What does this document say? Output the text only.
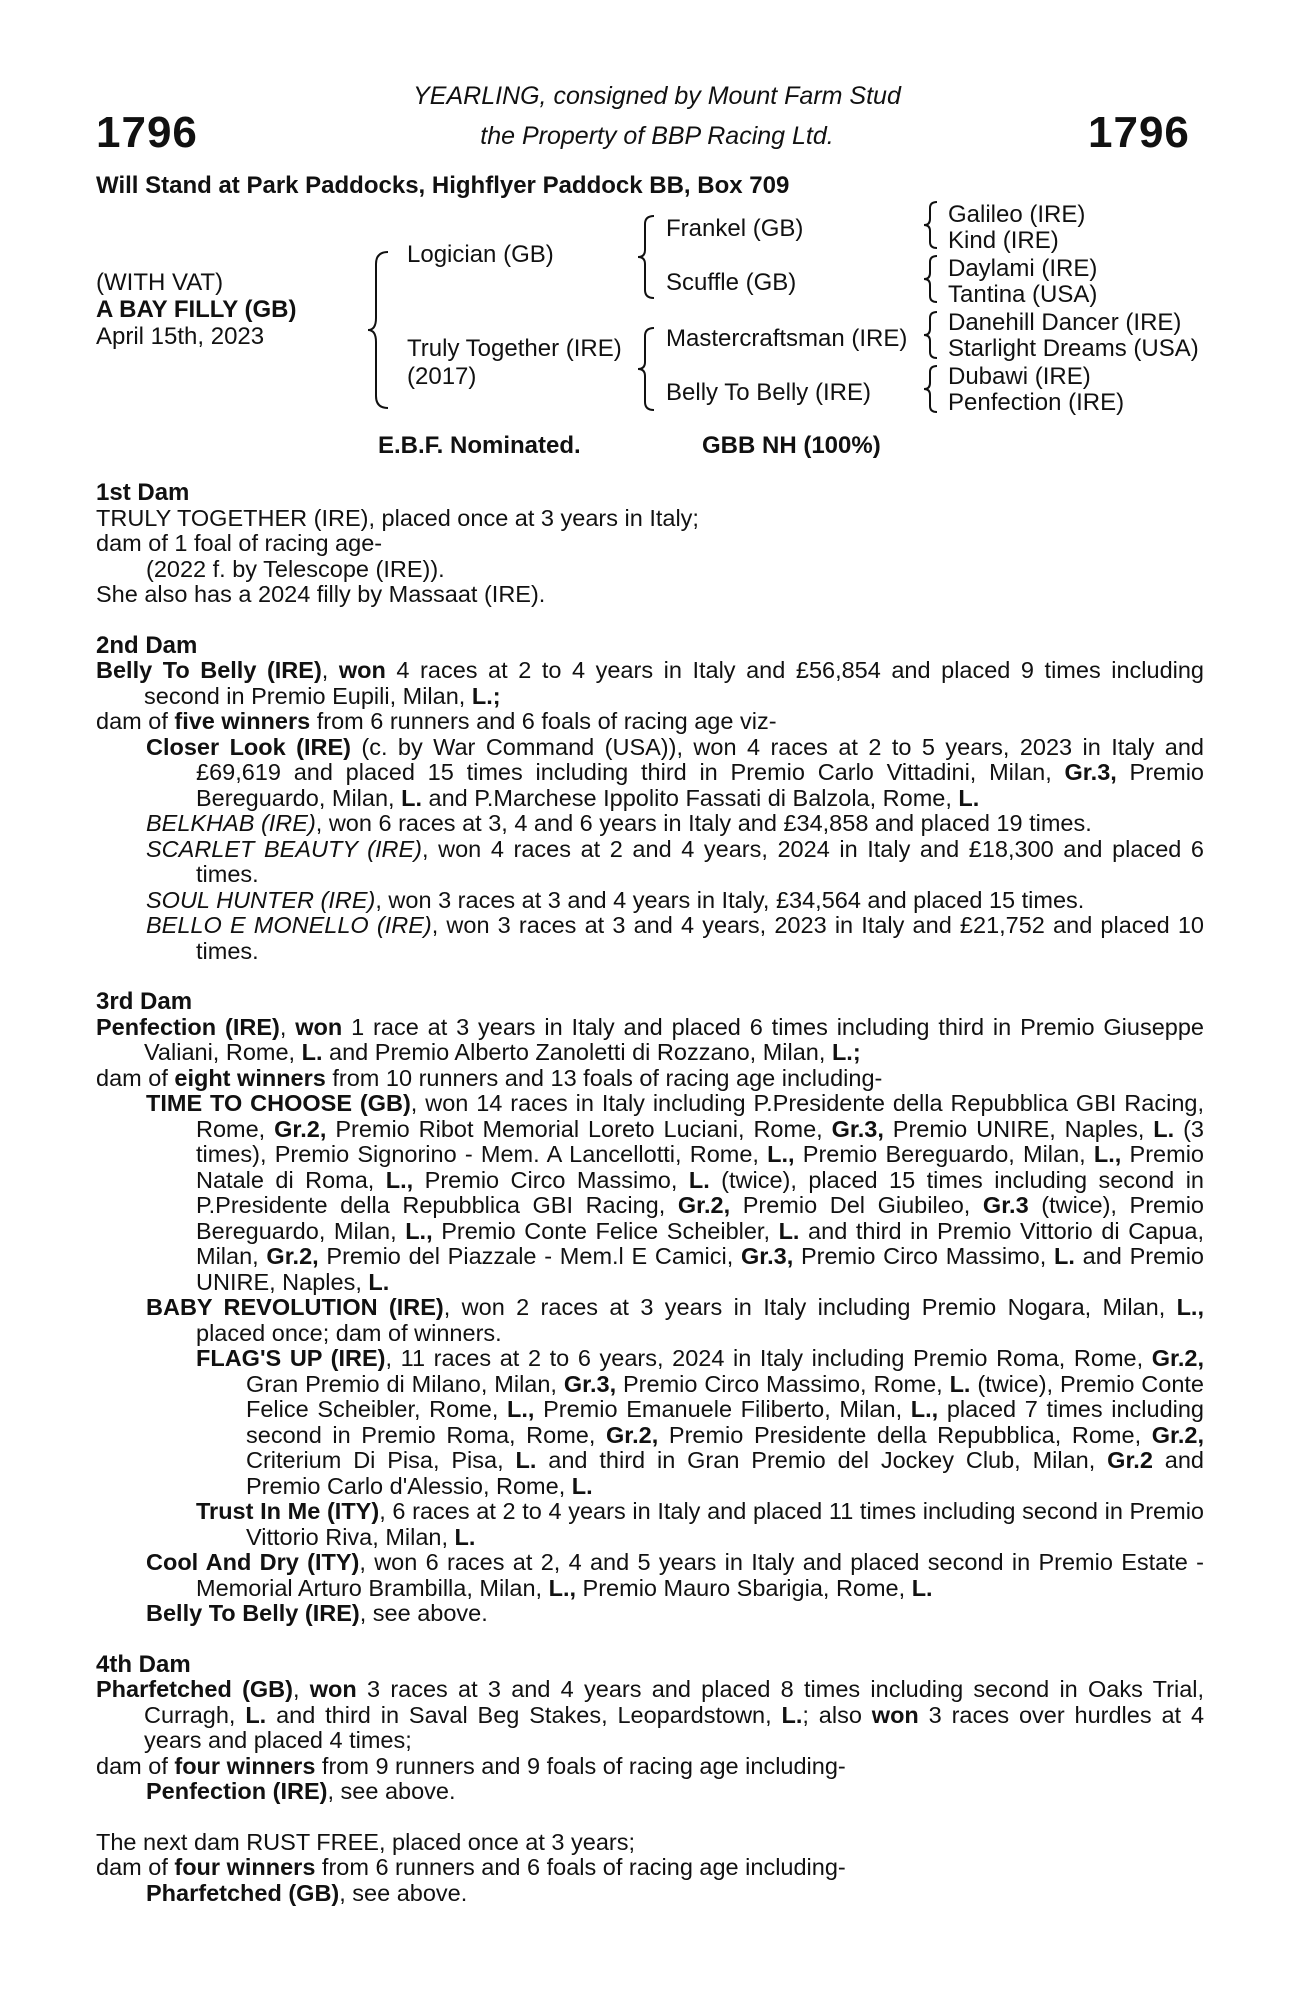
1796	1796
YEARLING, consigned by Mount Farm Stud
the Property of BBP Racing Ltd.
Will Stand at Park Paddocks, Highflyer Paddock BB, Box 709
(WITH VAT)
A BAY FILLY (GB)
April 15th, 2023
Logician (GB)
Truly Together (IRE)
(2017)
Frankel (GB)
Scuffle (GB)
Mastercraftsman (IRE)
Belly To Belly (IRE)
Galileo (IRE)
Kind (IRE)
Daylami (IRE)
Tantina (USA)
Danehill Dancer (IRE)
Starlight Dreams (USA)
Dubawi (IRE)
Penfection (IRE)
E.B.F. Nominated.	GBB NH (100%)
1st Dam

TRULY TOGETHER (IRE), placed once at 3 years in Italy;

dam of 1 foal of racing age-

(2022 f. by Telescope (IRE)).

She also has a 2024 filly by Massaat (IRE).

2nd Dam

Belly To Belly (IRE), won 4 races at 2 to 4 years in Italy and £56,854 and placed 9 times including second in Premio Eupili, Milan, L.;

dam of five winners from 6 runners and 6 foals of racing age viz-

Closer Look (IRE) (c. by War Command (USA)), won 4 races at 2 to 5 years, 2023 in Italy and £69,619 and placed 15 times including third in Premio Carlo Vittadini, Milan, Gr.3, Premio Bereguardo, Milan, L. and P.Marchese Ippolito Fassati di Balzola, Rome, L.

BELKHAB (IRE), won 6 races at 3, 4 and 6 years in Italy and £34,858 and placed 19 times.

SCARLET BEAUTY (IRE), won 4 races at 2 and 4 years, 2024 in Italy and £18,300 and placed 6 times.

SOUL HUNTER (IRE), won 3 races at 3 and 4 years in Italy, £34,564 and placed 15 times.

BELLO E MONELLO (IRE), won 3 races at 3 and 4 years, 2023 in Italy and £21,752 and placed 10 times.

3rd Dam

Penfection (IRE), won 1 race at 3 years in Italy and placed 6 times including third in Premio Giuseppe Valiani, Rome, L. and Premio Alberto Zanoletti di Rozzano, Milan, L.;

dam of eight winners from 10 runners and 13 foals of racing age including-

TIME TO CHOOSE (GB), won 14 races in Italy including P.Presidente della Repubblica GBI Racing, Rome, Gr.2, Premio Ribot Memorial Loreto Luciani, Rome, Gr.3, Premio UNIRE, Naples, L. (3 times), Premio Signorino - Mem. A Lancellotti, Rome, L., Premio Bereguardo, Milan, L., Premio Natale di Roma, L., Premio Circo Massimo, L. (twice), placed 15 times including second in P.Presidente della Repubblica GBI Racing, Gr.2, Premio Del Giubileo, Gr.3 (twice), Premio Bereguardo, Milan, L., Premio Conte Felice Scheibler, L. and third in Premio Vittorio di Capua, Milan, Gr.2, Premio del Piazzale - Mem.l E Camici, Gr.3, Premio Circo Massimo, L. and Premio UNIRE, Naples, L.

BABY REVOLUTION (IRE), won 2 races at 3 years in Italy including Premio Nogara, Milan, L., placed once; dam of winners.

FLAG'S UP (IRE), 11 races at 2 to 6 years, 2024 in Italy including Premio Roma, Rome, Gr.2, Gran Premio di Milano, Milan, Gr.3, Premio Circo Massimo, Rome, L. (twice), Premio Conte Felice Scheibler, Rome, L., Premio Emanuele Filiberto, Milan, L., placed 7 times including second in Premio Roma, Rome, Gr.2, Premio Presidente della Repubblica, Rome, Gr.2, Criterium Di Pisa, Pisa, L. and third in Gran Premio del Jockey Club, Milan, Gr.2 and Premio Carlo d'Alessio, Rome, L.

Trust In Me (ITY), 6 races at 2 to 4 years in Italy and placed 11 times including second in Premio Vittorio Riva, Milan, L.

Cool And Dry (ITY), won 6 races at 2, 4 and 5 years in Italy and placed second in Premio Estate - Memorial Arturo Brambilla, Milan, L., Premio Mauro Sbarigia, Rome, L.

Belly To Belly (IRE), see above.

4th Dam

Pharfetched (GB), won 3 races at 3 and 4 years and placed 8 times including second in Oaks Trial, Curragh, L. and third in Saval Beg Stakes, Leopardstown, L.; also won 3 races over hurdles at 4 years and placed 4 times;

dam of four winners from 9 runners and 9 foals of racing age including-

Penfection (IRE), see above.

The next dam RUST FREE, placed once at 3 years;

dam of four winners from 6 runners and 6 foals of racing age including-

Pharfetched (GB), see above.
